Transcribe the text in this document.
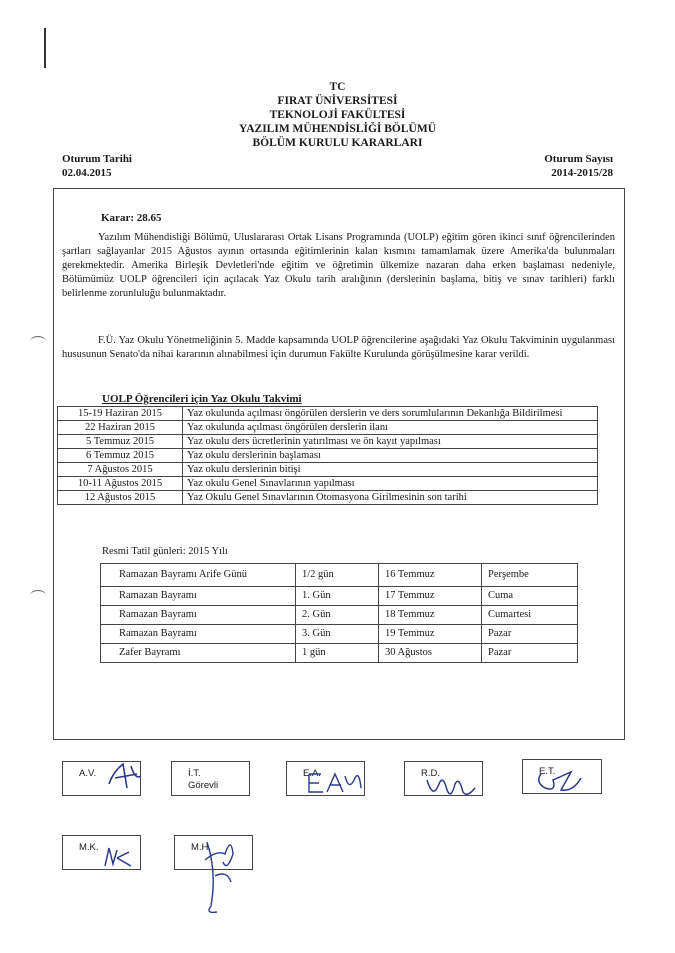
TC
FIRAT ÜNİVERSİTESİ
TEKNOLOJİ FAKÜLTESİ
YAZILIM MÜHENDİSLİĞİ BÖLÜMÜ
BÖLÜM KURULU KARARLARI
Oturum Tarihi
02.04.2015
Oturum Sayısı
2014-2015/28
Karar: 28.65
Yazılım Mühendisliği Bölümü, Uluslararası Ortak Lisans Programında (UOLP) eğitim gören ikinci sınıf öğrencilerinden şartları sağlayanlar 2015 Ağustos ayının ortasında eğitimlerinin kalan kısmını tamamlamak üzere Amerika'da bulunmaları gerekmektedir. Amerika Birleşik Devletleri'nde eğitim ve öğretimin ülkemize nazaran daha erken başlaması nedeniyle, Bölümümüz UOLP öğrencileri için açılacak Yaz Okulu tarih aralığının (derslerinin başlama, bitiş ve sınav tarihleri) farklı belirlenme zorunluluğu bulunmaktadır.
F.Ü. Yaz Okulu Yönetmeliğinin 5. Madde kapsamında UOLP öğrencilerine aşağıdaki Yaz Okulu Takviminin uygulanması hususunun Senato'da nihai kararının alınabilmesi için durumun Fakülte Kurulunda görüşülmesine karar verildi.
UOLP Öğrencileri için Yaz Okulu Takvimi
15-19 Haziran 2015	Yaz okulunda açılması öngörülen derslerin ve ders sorumlularının Dekanlığa Bildirilmesi
22 Haziran 2015	Yaz okulunda açılması öngörülen derslerin ilanı
5 Temmuz 2015	Yaz okulu ders ücretlerinin yatırılması ve ön kayıt yapılması
6 Temmuz 2015	Yaz okulu derslerinin başlaması
7 Ağustos 2015	Yaz okulu derslerinin bitişi
10-11 Ağustos 2015	Yaz okulu Genel Sınavlarının yapılması
12 Ağustos 2015	Yaz Okulu Genel Sınavlarının Otomasyona Girilmesinin son tarihi
Resmi Tatil günleri: 2015 Yılı
Ramazan Bayramı Arife Günü	1/2 gün	16 Temmuz	Perşembe
Ramazan Bayramı	1. Gün	17 Temmuz	Cuma
Ramazan Bayramı	2. Gün	18 Temmuz	Cumartesi
Ramazan Bayramı	3. Gün	19 Temmuz	Pazar
Zafer Bayramı	1 gün	30 Ağustos	Pazar
A.V.	İ.T.
Görevli
E.A.	R.D.	E.T.
M.K.	M.H.
